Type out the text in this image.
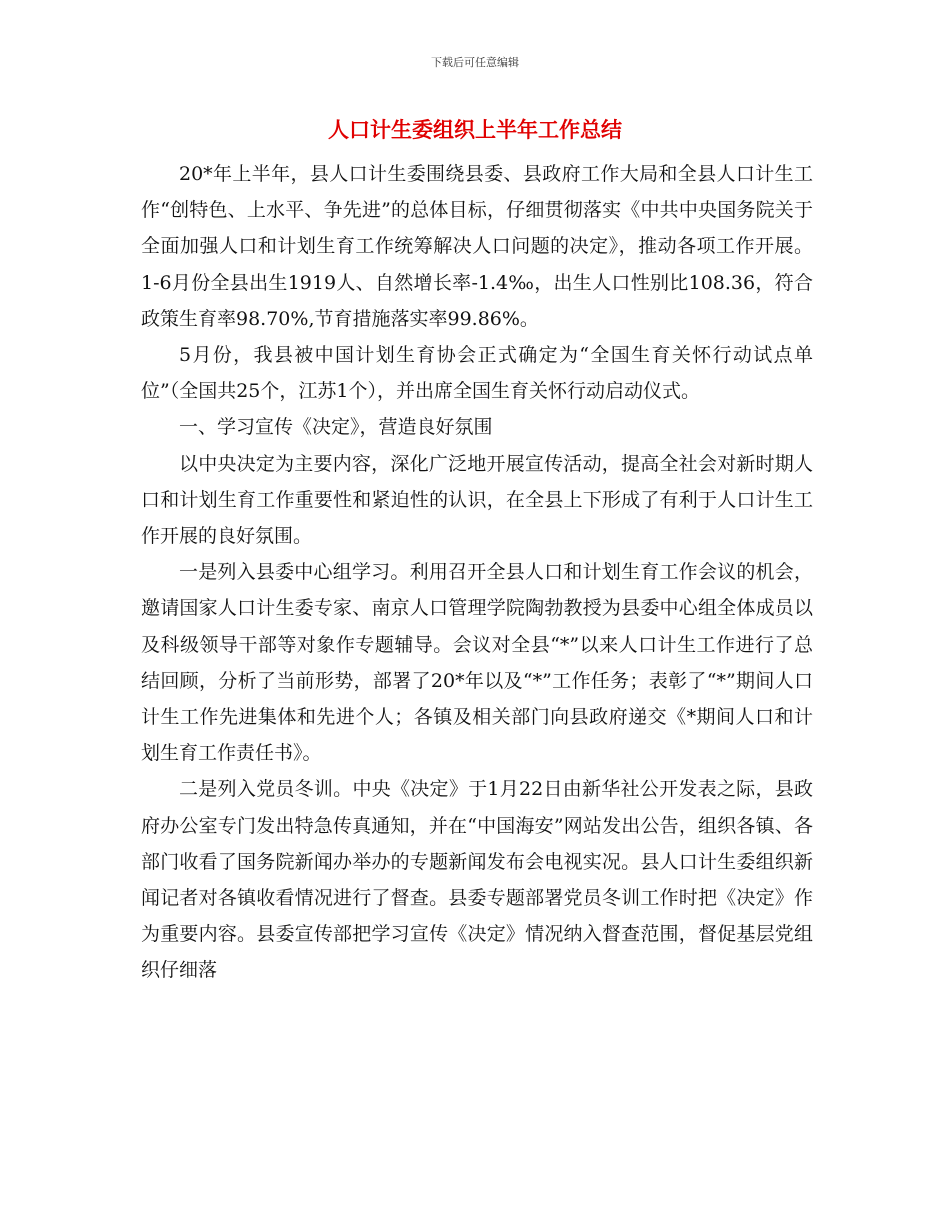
下载后可任意编辑
人口计生委组织上半年工作总结

20*年上半年，县人口计生委围绕县委、县政府工作大局和全县人口计生工作“创特色、上水平、争先进”的总体目标，仔细贯彻落实《中共中央国务院关于全面加强人口和计划生育工作统筹解决人口问题的决定》，推动各项工作开展。1-6月份全县出生1919人、自然增长率-1.4‰，出生人口性别比108.36，符合政策生育率98.70%,节育措施落实率99.86%。

5月份，我县被中国计划生育协会正式确定为“全国生育关怀行动试点单位”（全国共25个，江苏1个），并出席全国生育关怀行动启动仪式。

一、学习宣传《决定》，营造良好氛围

以中央决定为主要内容，深化广泛地开展宣传活动，提高全社会对新时期人口和计划生育工作重要性和紧迫性的认识，在全县上下形成了有利于人口计生工作开展的良好氛围。

一是列入县委中心组学习。利用召开全县人口和计划生育工作会议的机会，邀请国家人口计生委专家、南京人口管理学院陶勃教授为县委中心组全体成员以及科级领导干部等对象作专题辅导。会议对全县“*”以来人口计生工作进行了总结回顾，分析了当前形势，部署了20*年以及“*”工作任务；表彰了“*”期间人口计生工作先进集体和先进个人；各镇及相关部门向县政府递交《*期间人口和计划生育工作责任书》。

二是列入党员冬训。中央《决定》于1月22日由新华社公开发表之际，县政府办公室专门发出特急传真通知，并在“中国海安”网站发出公告，组织各镇、各部门收看了国务院新闻办举办的专题新闻发布会电视实况。县人口计生委组织新闻记者对各镇收看情况进行了督查。县委专题部署党员冬训工作时把《决定》作为重要内容。县委宣传部把学习宣传《决定》情况纳入督查范围，督促基层党组织仔细落
